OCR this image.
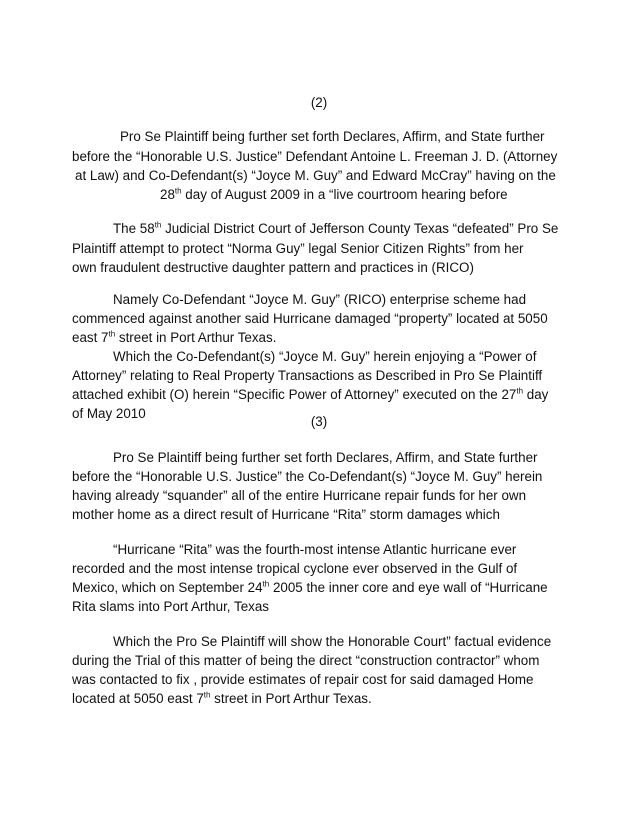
(2)
Pro Se Plaintiff being further set forth Declares, Affirm, and State further
before the “Honorable U.S. Justice” Defendant Antoine L. Freeman J. D. (Attorney
at Law) and Co-Defendant(s) “Joyce M. Guy” and Edward McCray” having on the
28th day of August 2009 in a “live courtroom hearing before
The 58th Judicial District Court of Jefferson County Texas “defeated” Pro Se
Plaintiff attempt to protect “Norma Guy” legal Senior Citizen Rights” from her
own fraudulent destructive daughter pattern and practices in (RICO)
Namely Co-Defendant “Joyce M. Guy” (RICO) enterprise scheme had
commenced against another said Hurricane damaged “property” located at 5050
east 7th street in Port Arthur Texas.
Which the Co-Defendant(s) “Joyce M. Guy” herein enjoying a “Power of
Attorney” relating to Real Property Transactions as Described in Pro Se Plaintiff
attached exhibit (O) herein “Specific Power of Attorney” executed on the 27th day
of May 2010
(3)
Pro Se Plaintiff being further set forth Declares, Affirm, and State further
before the “Honorable U.S. Justice” the Co-Defendant(s) “Joyce M. Guy” herein
having already “squander” all of the entire Hurricane repair funds for her own
mother home as a direct result of Hurricane “Rita” storm damages which
“Hurricane “Rita” was the fourth-most intense Atlantic hurricane ever
recorded and the most intense tropical cyclone ever observed in the Gulf of
Mexico, which on September 24th 2005 the inner core and eye wall of “Hurricane
Rita slams into Port Arthur, Texas
Which the Pro Se Plaintiff will show the Honorable Court” factual evidence
during the Trial of this matter of being the direct “construction contractor” whom
was contacted to fix , provide estimates of repair cost for said damaged Home
located at 5050 east 7th street in Port Arthur Texas.
